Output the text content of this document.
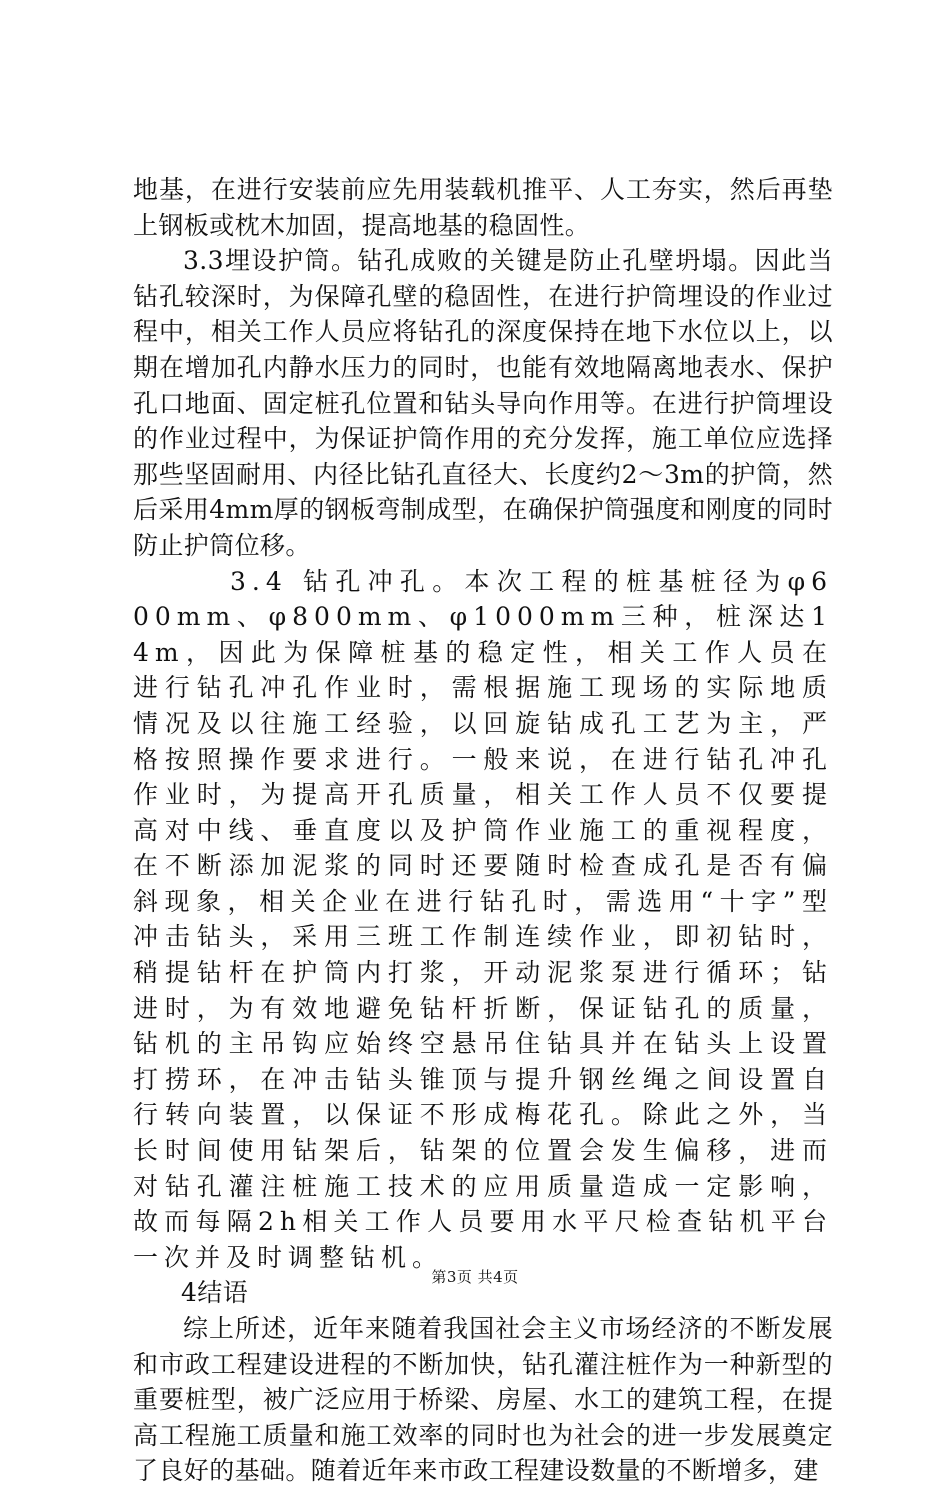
地基，在进行安装前应先用装载机推平、人工夯实，然后再垫上钢板或枕木加固，提高地基的稳固性。

3.3埋设护筒。钻孔成败的关键是防止孔壁坍塌。因此当钻孔较深时，为保障孔壁的稳固性，在进行护筒埋设的作业过程中，相关工作人员应将钻孔的深度保持在地下水位以上，以期在增加孔内静水压力的同时，也能有效地隔离地表水、保护孔口地面、固定桩孔位置和钻头导向作用等。在进行护筒埋设的作业过程中，为保证护筒作用的充分发挥，施工单位应选择那些坚固耐用、内径比钻孔直径大、长度约2～3m的护筒，然后采用4mm厚的钢板弯制成型，在确保护筒强度和刚度的同时防止护筒位移。

3.4 钻孔冲孔。本次工程的桩基桩径为φ600mm、φ800mm、φ1000mm三种，桩深达14m，因此为保障桩基的稳定性，相关工作人员在进行钻孔冲孔作业时，需根据施工现场的实际地质情况及以往施工经验，以回旋钻成孔工艺为主，严格按照操作要求进行。一般来说，在进行钻孔冲孔作业时，为提高开孔质量，相关工作人员不仅要提高对中线、垂直度以及护筒作业施工的重视程度，在不断添加泥浆的同时还要随时检查成孔是否有偏斜现象，相关企业在进行钻孔时，需选用“十字”型冲击钻头，采用三班工作制连续作业，即初钻时，稍提钻杆在护筒内打浆，开动泥浆泵进行循环；钻进时，为有效地避免钻杆折断，保证钻孔的质量，钻机的主吊钩应始终空悬吊住钻具并在钻头上设置打捞环，在冲击钻头锥顶与提升钢丝绳之间设置自行转向装置，以保证不形成梅花孔。除此之外，当长时间使用钻架后，钻架的位置会发生偏移，进而对钻孔灌注桩施工技术的应用质量造成一定影响，故而每隔2h相关工作人员要用水平尺检查钻机平台一次并及时调整钻机。

4结语

综上所述，近年来随着我国社会主义市场经济的不断发展和市政工程建设进程的不断加快，钻孔灌注桩作为一种新型的重要桩型，被广泛应用于桥梁、房屋、水工的建筑工程，在提高工程施工质量和施工效率的同时也为社会的进一步发展奠定了良好的基础。随着近年来市政工程建设数量的不断增多，建

第3页 共4页
